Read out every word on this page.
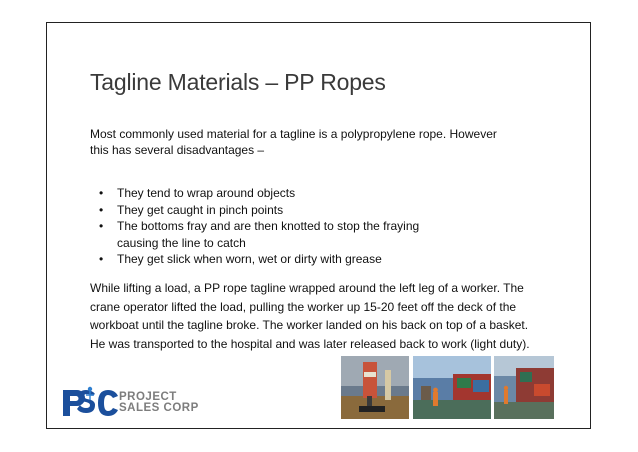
Tagline Materials – PP Ropes
Most commonly used material for a tagline is a polypropylene rope. However
this has several disadvantages –
• They tend to wrap around objects
• They get caught in pinch points
• The bottoms fray and are then knotted to stop the fraying
causing the line to catch
• They get slick when worn, wet or dirty with grease
While lifting a load, a PP rope tagline wrapped around the left leg of a worker. The
crane operator lifted the load, pulling the worker up 15-20 feet off the deck of the
workboat until the tagline broke. The worker landed on his back on top of a basket.
He was transported to the hospital and was later released back to work (light duty).
PROJECT
SALES CORP
